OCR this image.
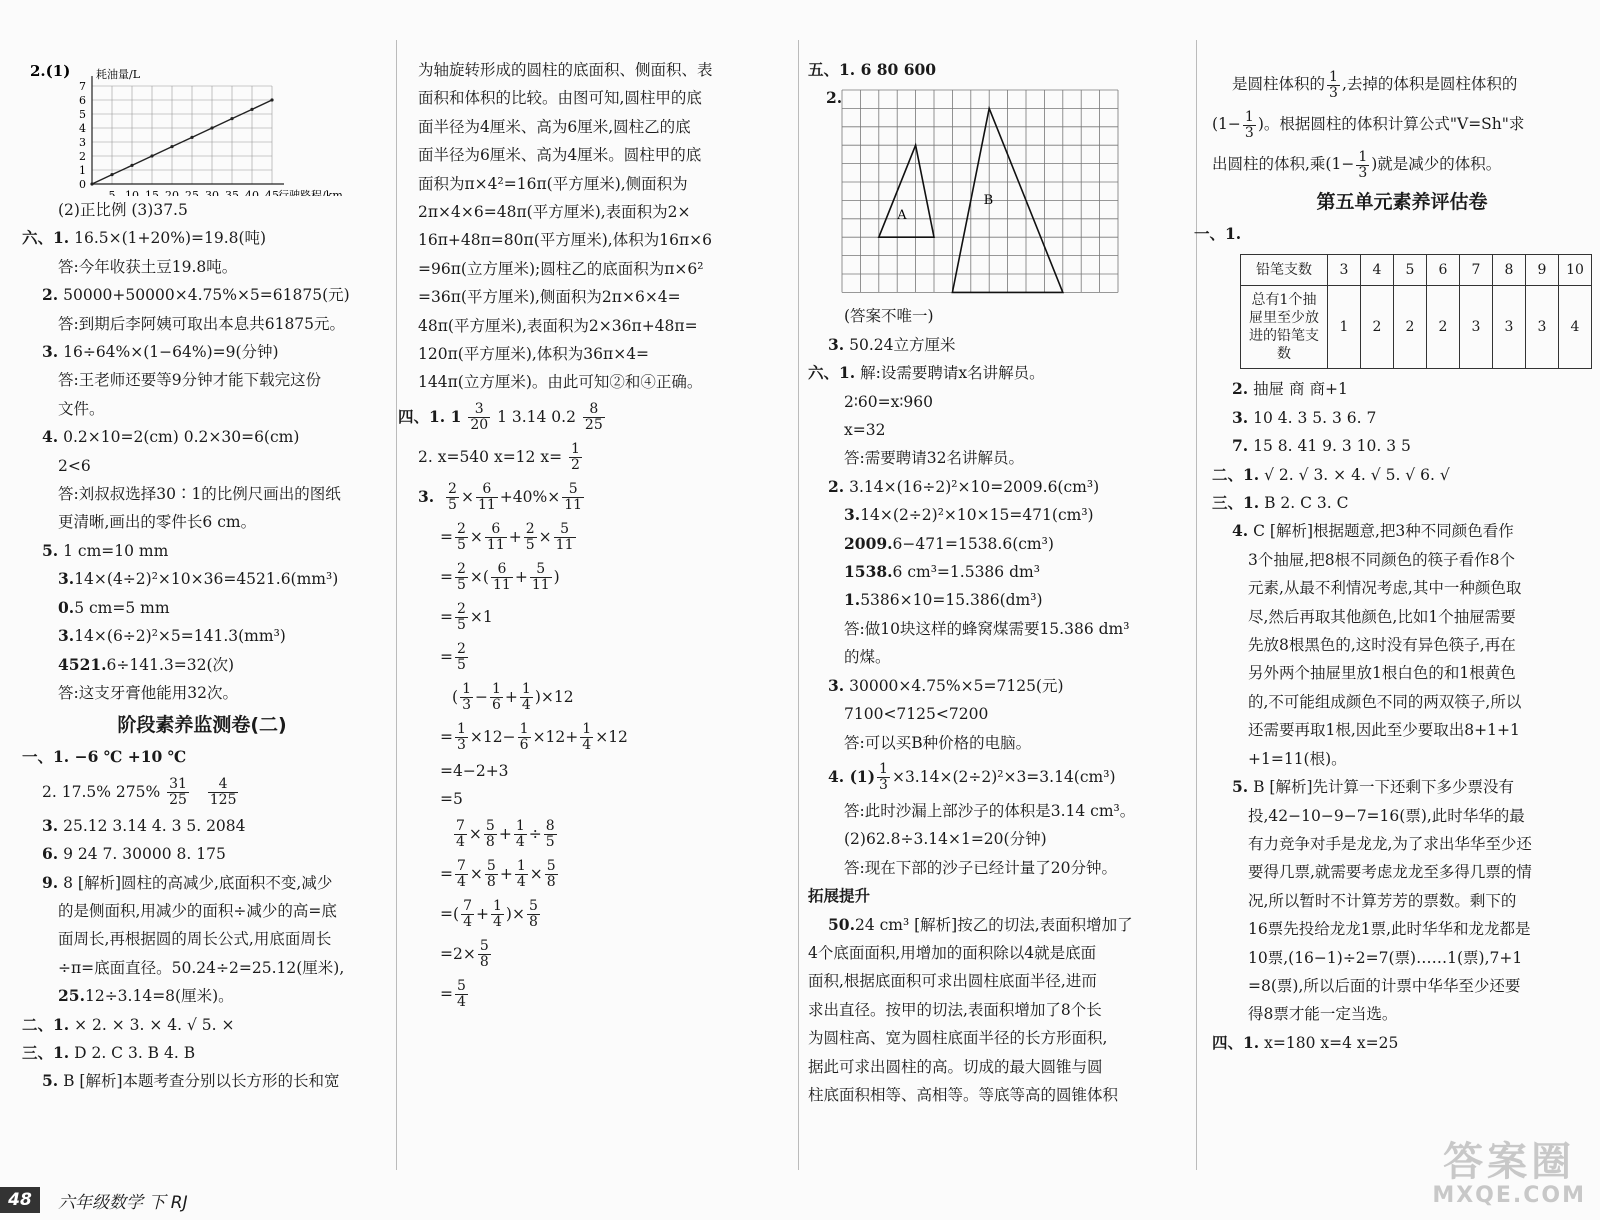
2.(1)
5 10 15 20 25 30 35 40 45
1
2
3
4
5
6
7
0
耗油量/L
行驶路程/km
(2)正比例 (3)37.5
六、1. 16.5×(1+20%)=19.8(吨)
答:今年收获土豆19.8吨。
2. 50000+50000×4.75%×5=61875(元)
答:到期后李阿姨可取出本息共61875元。
3. 16÷64%×(1−64%)=9(分钟)
答:王老师还要等9分钟才能下载完这份
文件。
4. 0.2×10=2(cm) 0.2×30=6(cm)
2<6
答:刘叔叔选择30∶1的比例尺画出的图纸
更清晰,画出的零件长6 cm。
5. 1 cm=10 mm
3.14×(4÷2)²×10×36=4521.6(mm³)
0.5 cm=5 mm
3.14×(6÷2)²×5=141.3(mm³)
4521.6÷141.3=32(次)
答:这支牙膏他能用32次。
阶段素养监测卷(二)
一、1. −6 ℃ +10 ℃
2. 17.5% $275\% \frac{31}{25}$
$\frac{4}{125}$
3. 25.12 3.14 4. 3 5. 2084
6. 9 24 7. 30000 8. 175
9. 8 [解析]圆柱的高减少,底面积不变,减少
的是侧面积,用减少的面积÷减少的高=底
面周长,再根据圆的周长公式,用底面周长
÷π=底面直径。50.24÷2=25.12(厘米),
25.12÷3.14=8(厘米)。
二、1. × 2. × 3. × 4. √ 5. ×
三、1. D 2. C 3. B 4. B
5. B [解析]本题考查分别以长方形的长和宽
为轴旋转形成的圆柱的底面积、侧面积、表
面积和体积的比较。由图可知,圆柱甲的底
面半径为4厘米、高为6厘米,圆柱乙的底
面半径为6厘米、高为4厘米。圆柱甲的底
面积为π×4²=16π(平方厘米),侧面积为
2π×4×6=48π(平方厘米),表面积为2×
16π+48π=80π(平方厘米),体积为16π×6
=96π(立方厘米);圆柱乙的底面积为π×6²
=36π(平方厘米),侧面积为2π×6×4=
48π(平方厘米),表面积为2×36π+48π=
120π(平方厘米),体积为36π×4=
144π(立方厘米)。由此可知②和④正确。
四、1. $1 \frac{3}{20} 1$ 3.14 $0.2 \frac{8}{25}$
2. x=540 x=12 $x= \frac{1}{2}$
3. $\frac{2}{5} \times \frac{6}{11} +40\%\times \frac{5}{11}$
= $\frac{2}{5} \times \frac{6}{11} + \frac{2}{5} \times \frac{5}{11}$
= $\frac{2}{5}$ ×( $\frac{6}{11} + \frac{5}{11}$ )
= $\frac{2}{5} \times 1$
= $\frac{2}{5}$
( $\frac{1}{3} - \frac{1}{6} + \frac{1}{4} )\times 12$
= $\frac{1}{3} \times 12- \frac{1}{6} \times 12+ \frac{1}{4} \times 12$
=4−2+3
=5
$\frac{7}{4} \times \frac{5}{8} + \frac{1}{4} \div \frac{8}{5}$
= $\frac{7}{4} \times \frac{5}{8} + \frac{1}{4} \times \frac{5}{8}$
=( $\frac{7}{4} + \frac{1}{4}$ )× $\frac{5}{8}$
$=2\times \frac{5}{8}$
= $\frac{5}{4}$
五、1. 6 80 600
2.
A
B
(答案不唯一)
3. 50.24立方厘米
六、1. 解:设需要聘请x名讲解员。
2∶60=x∶960
x=32
答:需要聘请32名讲解员。
2. 3.14×(16÷2)²×10=2009.6(cm³)
3.14×(2÷2)²×10×15=471(cm³)
2009.6−471=1538.6(cm³)
1538.6 cm³=1.5386 dm³
1.5386×10=15.386(dm³)
答:做10块这样的蜂窝煤需要15.386 dm³
的煤。
3. 30000×4.75%×5=7125(元)
7100<7125<7200
答:可以买B种价格的电脑。
4. $(1) \frac{1}{3} \times 3.14\times(2\div 2)^2\times 3=3.14(cm^3)$
答:此时沙漏上部沙子的体积是3.14 cm³。
(2)62.8÷3.14×1=20(分钟)
答:现在下部的沙子已经计量了20分钟。
拓展提升
50.24 cm³ [解析]按乙的切法,表面积增加了
4个底面面积,用增加的面积除以4就是底面
面积,根据底面积可求出圆柱底面半径,进而
求出直径。按甲的切法,表面积增加了8个长
为圆柱高、宽为圆柱底面半径的长方形面积,
据此可求出圆柱的高。切成的最大圆锥与圆
柱底面积相等、高相等。等底等高的圆锥体积
是圆柱体积的 $\frac{1}{3}$ ,去掉的体积是圆柱体积的
($1- \frac{1}{3}$ )。根据圆柱的体积计算公式"V=Sh"求
出圆柱的体积,乘($1- \frac{1}{3}$ )就是减少的体积。
第五单元素养评估卷
一、1.
铅笔支数	3	4	5	6	7	8	9	10
总有1个抽屉里至少放进的铅笔支数	1	2	2	2	3	3	3	4
2. 抽屉 商 商+1
3. 10 4. 3 5. 3 6. 7
7. 15 8. 41 9. 3 10. 3 5
二、1. √ 2. √ 3. × 4. √ 5. √ 6. √
三、1. B 2. C 3. C
4. C [解析]根据题意,把3种不同颜色看作
3个抽屉,把8根不同颜色的筷子看作8个
元素,从最不利情况考虑,其中一种颜色取
尽,然后再取其他颜色,比如1个抽屉需要
先放8根黑色的,这时没有异色筷子,再在
另外两个抽屉里放1根白色的和1根黄色
的,不可能组成颜色不同的两双筷子,所以
还需要再取1根,因此至少要取出8+1+1
+1=11(根)。
5. B [解析]先计算一下还剩下多少票没有
投,42−10−9−7=16(票),此时华华的最
有力竞争对手是龙龙,为了求出华华至少还
要得几票,就需要考虑龙龙至多得几票的情
况,所以暂时不计算芳芳的票数。剩下的
16票先投给龙龙1票,此时华华和龙龙都是
10票,(16−1)÷2=7(票)……1(票),7+1
=8(票),所以后面的计票中华华至少还要
得8票才能一定当选。
四、1. x=180 x=4 x=25
48	六年级数学 下 RJ
答案圈
MXQE.COM
